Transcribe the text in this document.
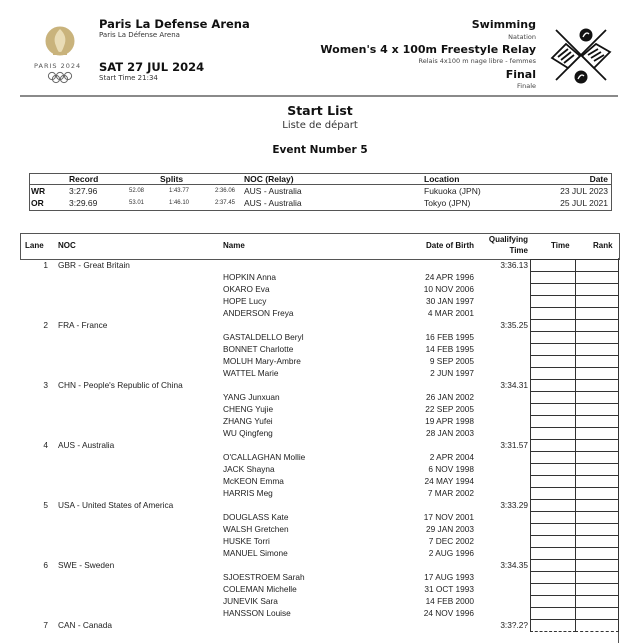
PARIS 2024
Paris La Defense Arena
Paris La Défense Arena
SAT 27 JUL 2024
Start Time 21:34
Swimming
Natation
Women's 4 x 100m Freestyle Relay
Relais 4x100 m nage libre - femmes
Final
Finale
Start List
Liste de départ
Event Number 5
Record	Splits	NOC (Relay)	Location	Date
WR	3:27.96	52.08	1:43.77	2:36.06 AUS - Australia	Fukuoka (JPN)	23 JUL 2023
OR	3:29.69	53.01	1:46.10	2:37.45 AUS - Australia	Tokyo (JPN)	25 JUL 2021
Lane NOC	Name	Date of Birth
Qualifying
Time
Time	Rank
1 GBR - Great Britain	3:36.13
HOPKIN Anna	24 APR 1996
OKARO Eva	10 NOV 2006
HOPE Lucy	30 JAN 1997
ANDERSON Freya	4 MAR 2001
2 FRA - France	3:35.25
GASTALDELLO Beryl	16 FEB 1995
BONNET Charlotte	14 FEB 1995
MOLUH Mary-Ambre	9 SEP 2005
WATTEL Marie	2 JUN 1997
3 CHN - People's Republic of China	3:34.31
YANG Junxuan	26 JAN 2002
CHENG Yujie	22 SEP 2005
ZHANG Yufei	19 APR 1998
WU Qingfeng	28 JAN 2003
4 AUS - Australia	3:31.57
O'CALLAGHAN Mollie	2 APR 2004
JACK Shayna	6 NOV 1998
McKEON Emma	24 MAY 1994
HARRIS Meg	7 MAR 2002
5 USA - United States of America	3:33.29
DOUGLASS Kate	17 NOV 2001
WALSH Gretchen	29 JAN 2003
HUSKE Torri	7 DEC 2002
MANUEL Simone	2 AUG 1996
6 SWE - Sweden	3:34.35
SJOESTROEM Sarah	17 AUG 1993
COLEMAN Michelle	31 OCT 1993
JUNEVIK Sara	14 FEB 2000
HANSSON Louise	24 NOV 1996
7 CAN - Canada	3:3?.2?
